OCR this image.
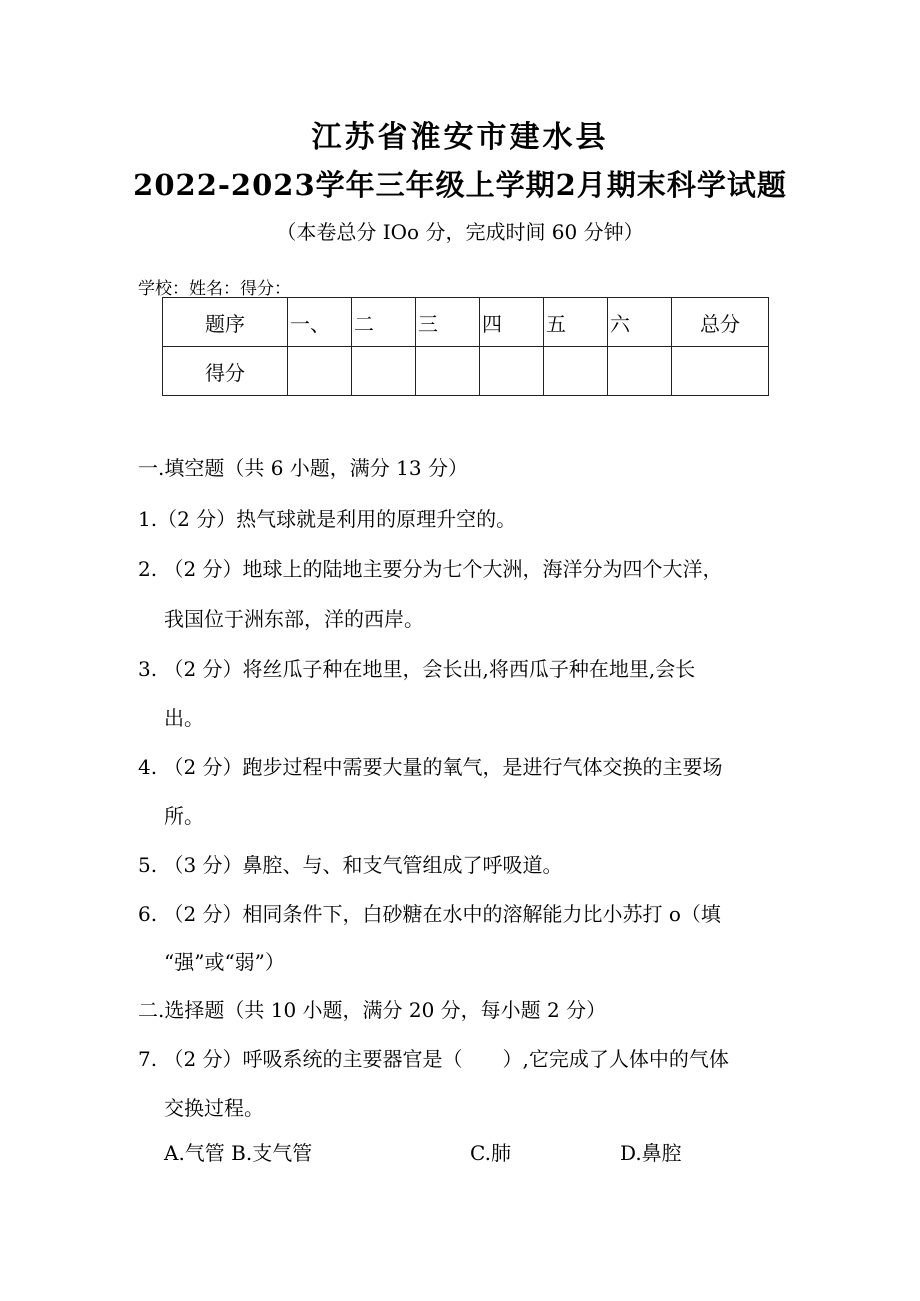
江苏省淮安市建水县
2022-2023学年三年级上学期2月期末科学试题
（本卷总分 IOo 分，完成时间 60 分钟）
学校：姓名：得分：
题序	一、	二	三	四	五	六	总分
得分							
一.填空题（共 6 小题，满分 13 分）
1.（2 分）热气球就是利用的原理升空的。
2. （2 分）地球上的陆地主要分为七个大洲，海洋分为四个大洋，
我国位于洲东部，洋的西岸。
3. （2 分）将丝瓜子种在地里，会长出,将西瓜子种在地里,会长
出。
4. （2 分）跑步过程中需要大量的氧气，是进行气体交换的主要场
所。
5. （3 分）鼻腔、与、和支气管组成了呼吸道。
6. （2 分）相同条件下，白砂糖在水中的溶解能力比小苏打 o（填
“强”或“弱”）
二.选择题（共 10 小题，满分 20 分，每小题 2 分）
7. （2 分）呼吸系统的主要器官是（　　）,它完成了人体中的气体
交换过程。
A.气管 B.支气管	C.肺	D.鼻腔
